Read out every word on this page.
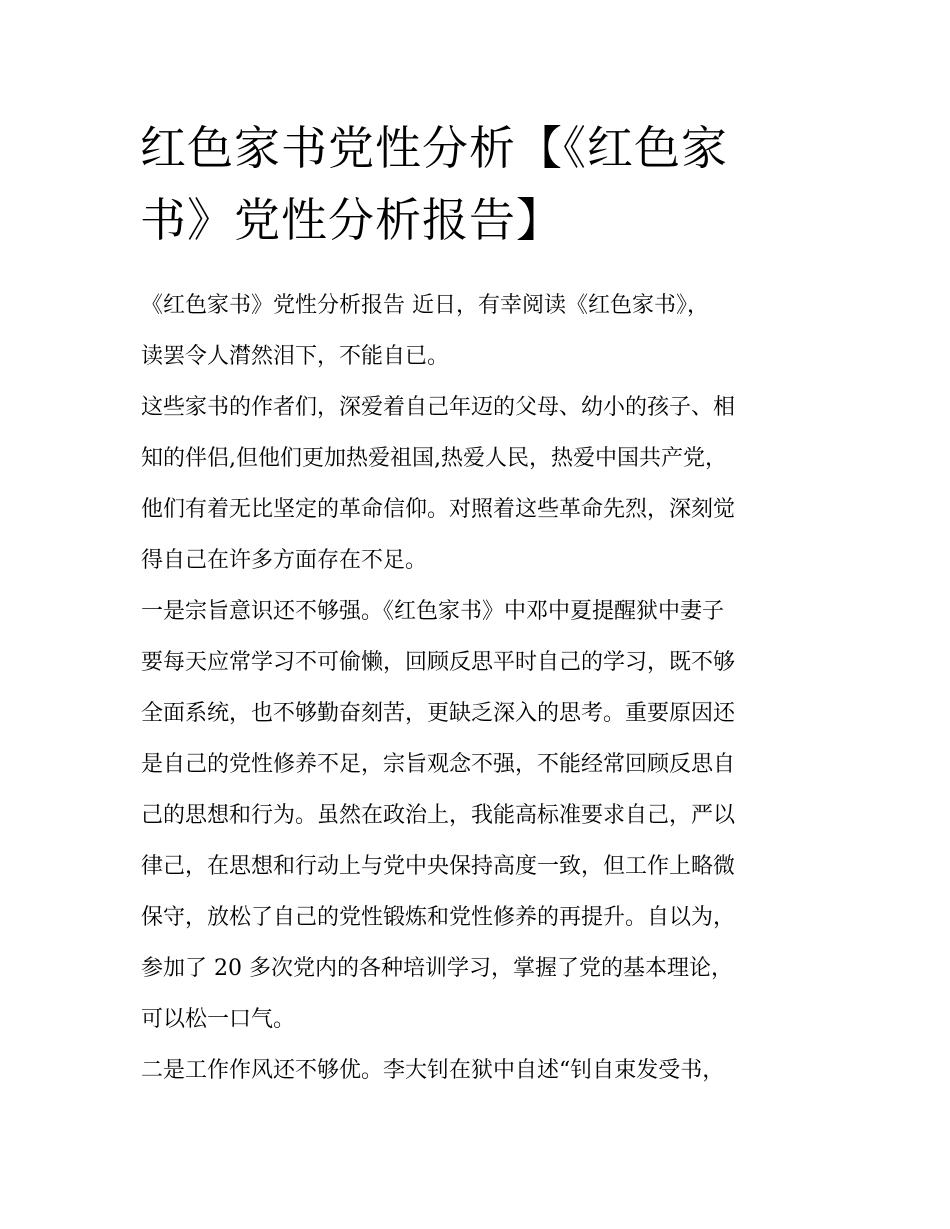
红色家书党性分析【《红色家
书》党性分析报告】
《红色家书》党性分析报告 近日，有幸阅读《红色家书》，
读罢令人潸然泪下，不能自已。
这些家书的作者们，深爱着自己年迈的父母、幼小的孩子、相
知的伴侣,但他们更加热爱祖国,热爱人民，热爱中国共产党，
他们有着无比坚定的革命信仰。对照着这些革命先烈，深刻觉
得自己在许多方面存在不足。
一是宗旨意识还不够强。《红色家书》中邓中夏提醒狱中妻子
要每天应常学习不可偷懒，回顾反思平时自己的学习，既不够
全面系统，也不够勤奋刻苦，更缺乏深入的思考。重要原因还
是自己的党性修养不足，宗旨观念不强，不能经常回顾反思自
己的思想和行为。虽然在政治上，我能高标准要求自己，严以
律己，在思想和行动上与党中央保持高度一致，但工作上略微
保守，放松了自己的党性锻炼和党性修养的再提升。自以为，
参加了 20 多次党内的各种培训学习，掌握了党的基本理论，
可以松一口气。
二是工作作风还不够优。李大钊在狱中自述“钊自束发受书，
